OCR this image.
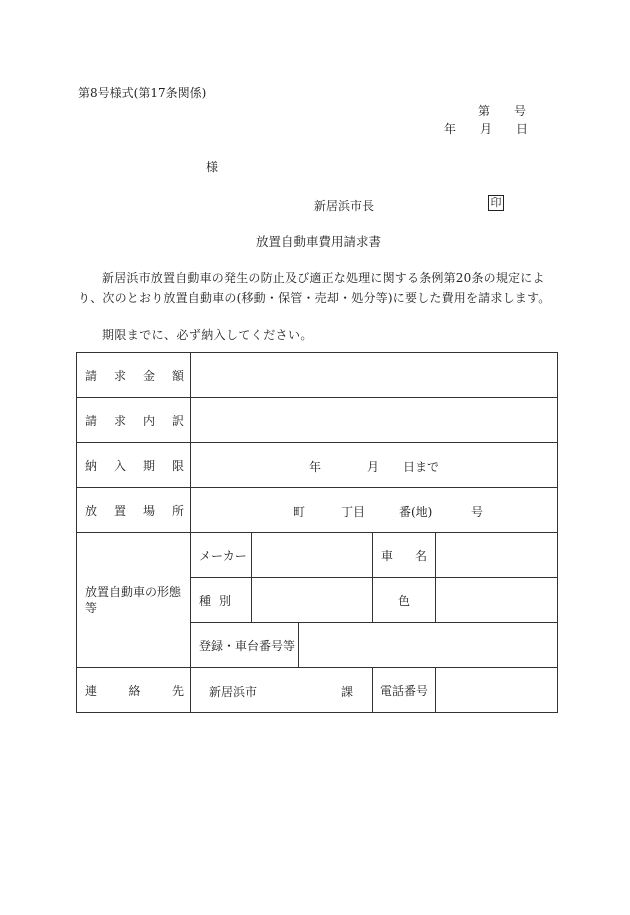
第8号様式(第17条関係)
第 号
年 月 日
様
新居浜市長	印
放置自動車費用請求書

新居浜市放置自動車の発生の防止及び適正な処理に関する条例第20条の規定により、次のとおり放置自動車の(移動・保管・売却・処分等)に要した費用を請求します。

期限までに、必ず納入してください。
請 求 金 額					

請 求 内 訳					

納 入 期 限	年 月 日まで				

放 置 場 所	町 丁目 番(地) 号				

放置自動車の形態等	メーカー			車 名	

	種 別			色	
	登録・車台番号等				

連 絡 先	新居浜市 課			電話番号	
